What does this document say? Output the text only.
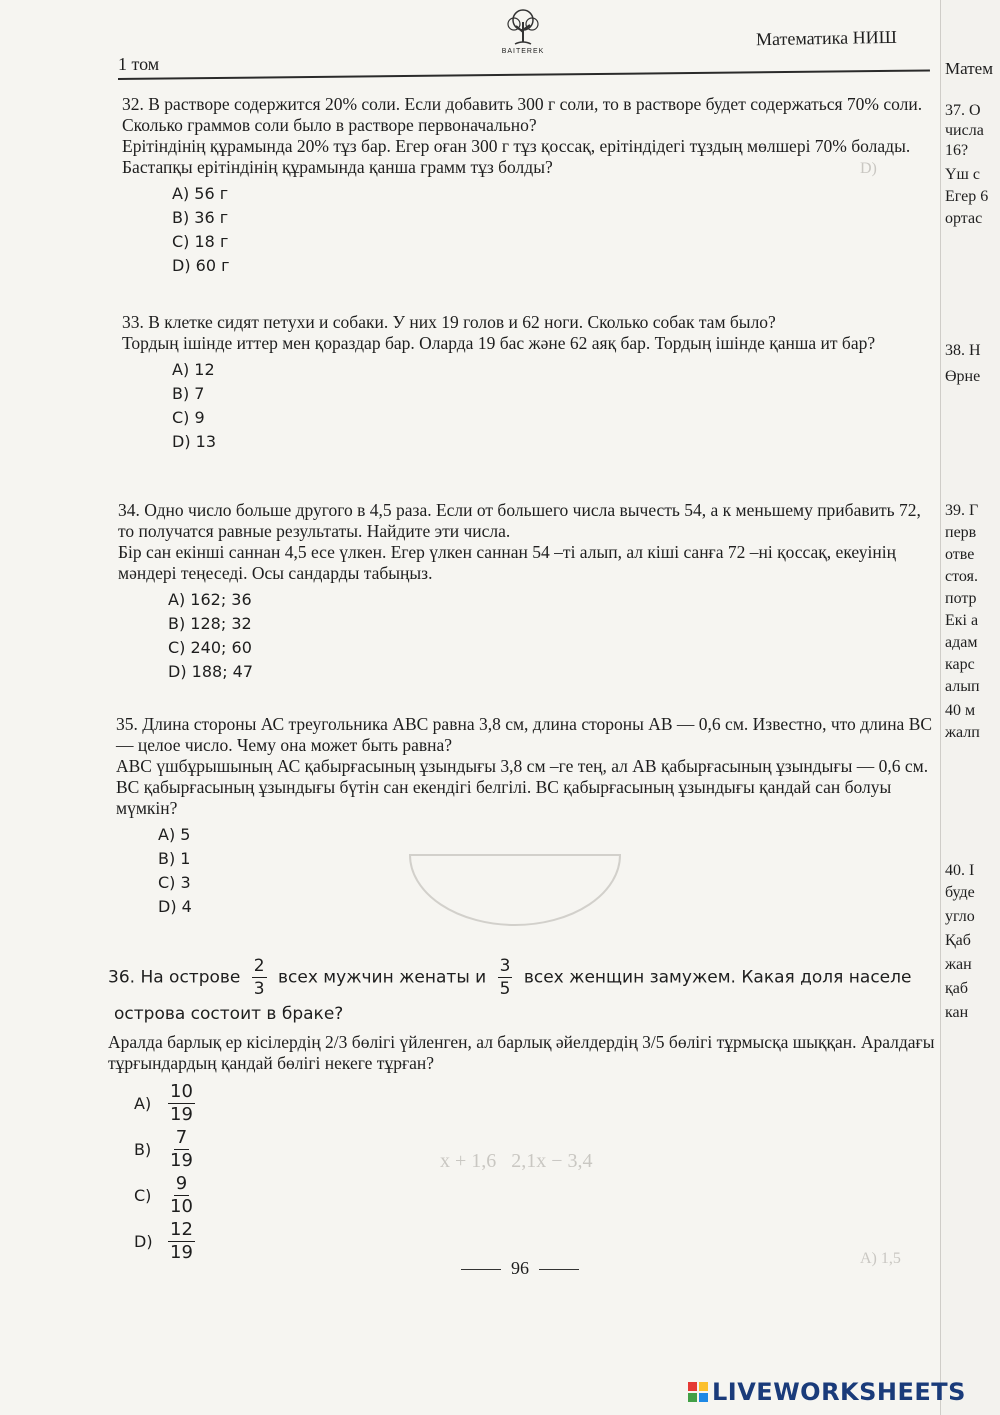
1 том
BAITEREK
Математика НИШ
D)
x + 1,6   2,1x − 3,4
A) 1,5

32. В растворе содержится 20% соли. Если добавить 300 г соли, то в растворе будет содержаться 70% соли. Сколько граммов соли было в растворе первоначально?

Ерітіндінің құрамында 20% тұз бар. Егер оған 300 г тұз қоссақ, ерітіндідегі тұздың мөлшері 70% болады. Бастапқы ерітіндінің құрамында қанша грамм тұз болды?

A) 56 г
B) 36 г
C) 18 г
D) 60 г

33. В клетке сидят петухи и собаки. У них 19 голов и 62 ноги. Сколько собак там было?

Тордың ішінде иттер мен қораздар бар. Оларда 19 бас және 62 аяқ бар. Тордың ішінде қанша ит бар?

A) 12
B) 7
C) 9
D) 13

34. Одно число больше другого в 4,5 раза. Если от большего числа вычесть 54, а к меньшему прибавить 72, то получатся равные результаты. Найдите эти числа.

Бір сан екінші саннан 4,5 есе үлкен. Егер үлкен саннан 54 –ті алып, ал кіші санға 72 –ні қоссақ, екеуінің мәндері теңеседі. Осы сандарды табыңыз.

A) 162; 36
B) 128; 32
C) 240; 60
D) 188; 47

35. Длина стороны АС треугольника АВС равна 3,8 см, длина стороны АВ — 0,6 см. Известно, что длина ВС — целое число. Чему она может быть равна?

АВС үшбұрышының АС қабырғасының ұзындығы 3,8 см –ге тең, ал АВ қабырғасының ұзындығы — 0,6 см. ВС қабырғасының ұзындығы бүтін сан екендігі белгілі. ВС қабырғасының ұзындығы қандай сан болуы мүмкін?

A) 5
B) 1
C) 3
D) 4
36. На острове $\frac{2}{3}$ всех мужчин женаты и $\frac{3}{5}$ всех женщин замужем. Какая доля населе
острова состоит в браке?

Аралда барлық ер кісілердің 2/3 бөлігі үйленген, ал барлық әйелдердің 3/5 бөлігі тұрмысқа шыққан. Аралдағы тұрғындардың қандай бөлігі некеге тұрған?

$A) \frac{10}{19}$
$B) \frac{7}{19}$
$C) \frac{9}{10}$
$D) \frac{12}{19}$
96
Матем
37. О
числа
16?
Үш с
Егер 6
ортас
38. Н
Өрне
39. Г
перв
отве
стоя.
потр
Екі а
адам
карс
алып
40 м
жалп
40. I
буде
угло
Қаб
жан
қаб
кан
LIVEWORKSHEETS
